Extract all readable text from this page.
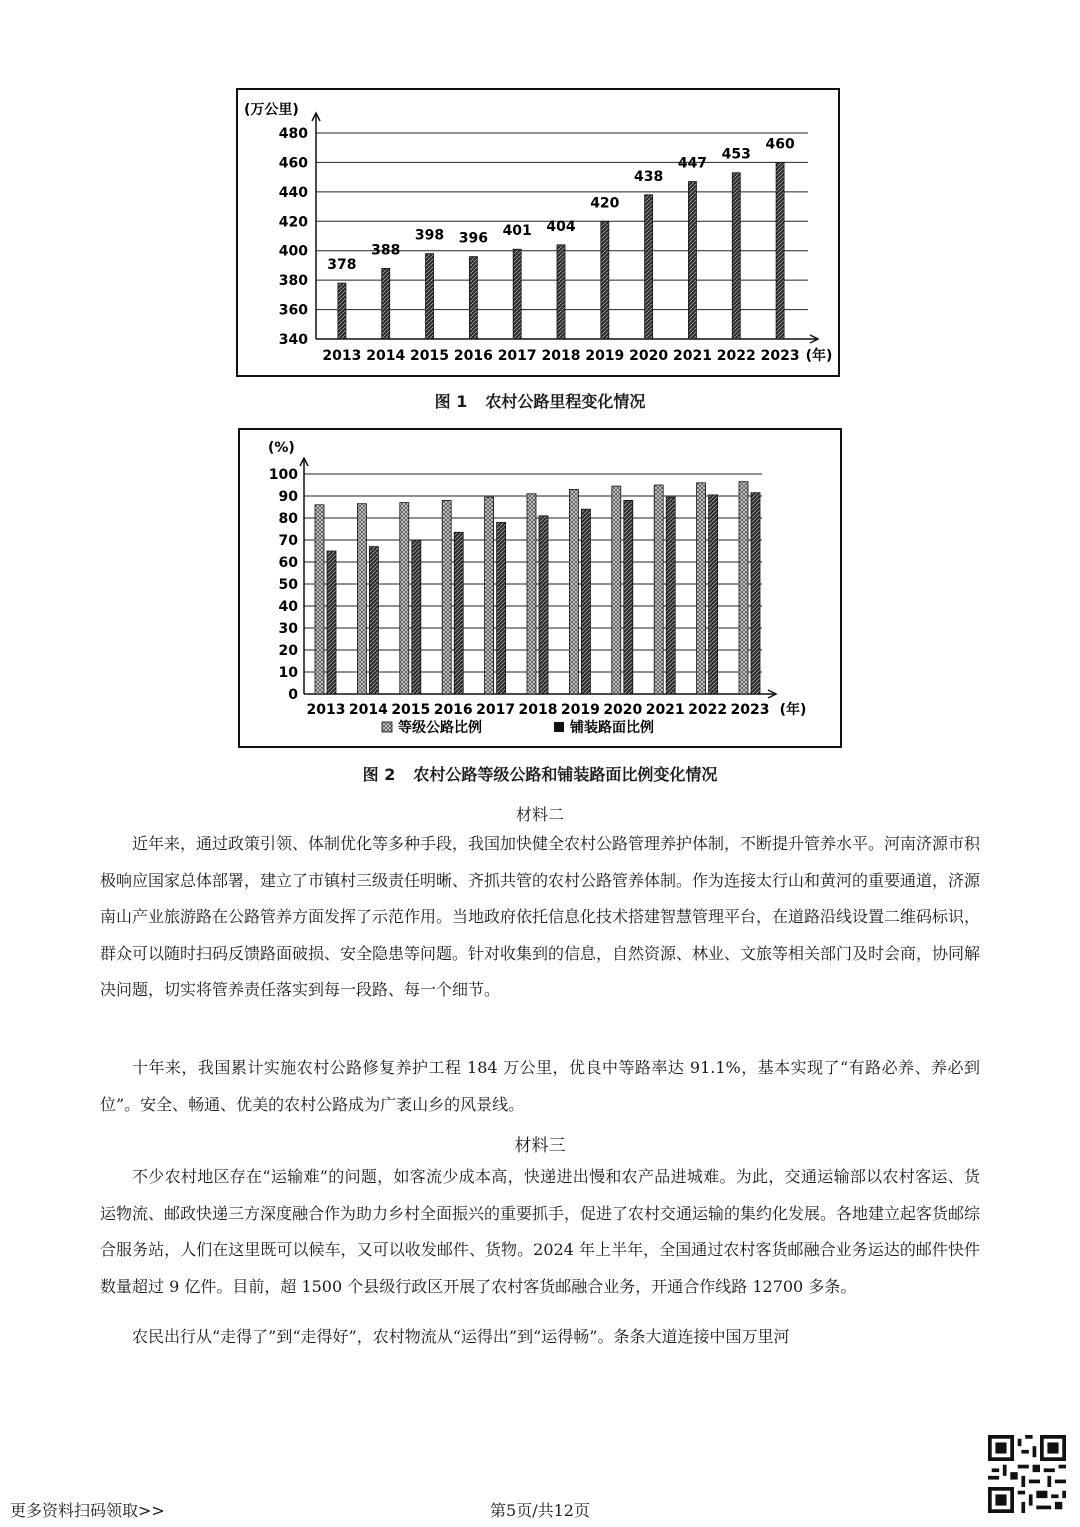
340
360
380
400
420
440
460
480
(万公里)
378
2013
388
2014
398
2015
396
2016
401
2017
404
2018
420
2019
438
2020
447
2021
453
2022
460
2023 (年)
图 1 农村公路里程变化情况
0
10
20
30
40
50
60
70
80
90
100
(%)
2013 2014 2015 2016 2017 2018 2019 2020 2021 2022 2023 (年)
等级公路比例	铺装路面比例
图 2 农村公路等级公路和铺装路面比例变化情况
材料二

近年来，通过政策引领、体制优化等多种手段，我国加快健全农村公路管理养护体制，不断提升管养水平。河南济源市积极响应国家总体部署，建立了市镇村三级责任明晰、齐抓共管的农村公路管养体制。作为连接太行山和黄河的重要通道，济源南山产业旅游路在公路管养方面发挥了示范作用。当地政府依托信息化技术搭建智慧管理平台，在道路沿线设置二维码标识，群众可以随时扫码反馈路面破损、安全隐患等问题。针对收集到的信息，自然资源、林业、文旅等相关部门及时会商，协同解决问题，切实将管养责任落实到每一段路、每一个细节。

十年来，我国累计实施农村公路修复养护工程 184 万公里，优良中等路率达 91.1%，基本实现了“有路必养、养必到位”。安全、畅通、优美的农村公路成为广袤山乡的风景线。

材料三

不少农村地区存在“运输难”的问题，如客流少成本高，快递进出慢和农产品进城难。为此，交通运输部以农村客运、货运物流、邮政快递三方深度融合作为助力乡村全面振兴的重要抓手，促进了农村交通运输的集约化发展。各地建立起客货邮综合服务站，人们在这里既可以候车，又可以收发邮件、货物。2024 年上半年，全国通过农村客货邮融合业务运达的邮件快件数量超过 9 亿件。目前，超 1500 个县级行政区开展了农村客货邮融合业务，开通合作线路 12700 多条。

农民出行从“走得了”到“走得好”，农村物流从“运得出”到“运得畅”。条条大道连接中国万里河

更多资料扫码领取>>	第5页/共12页
